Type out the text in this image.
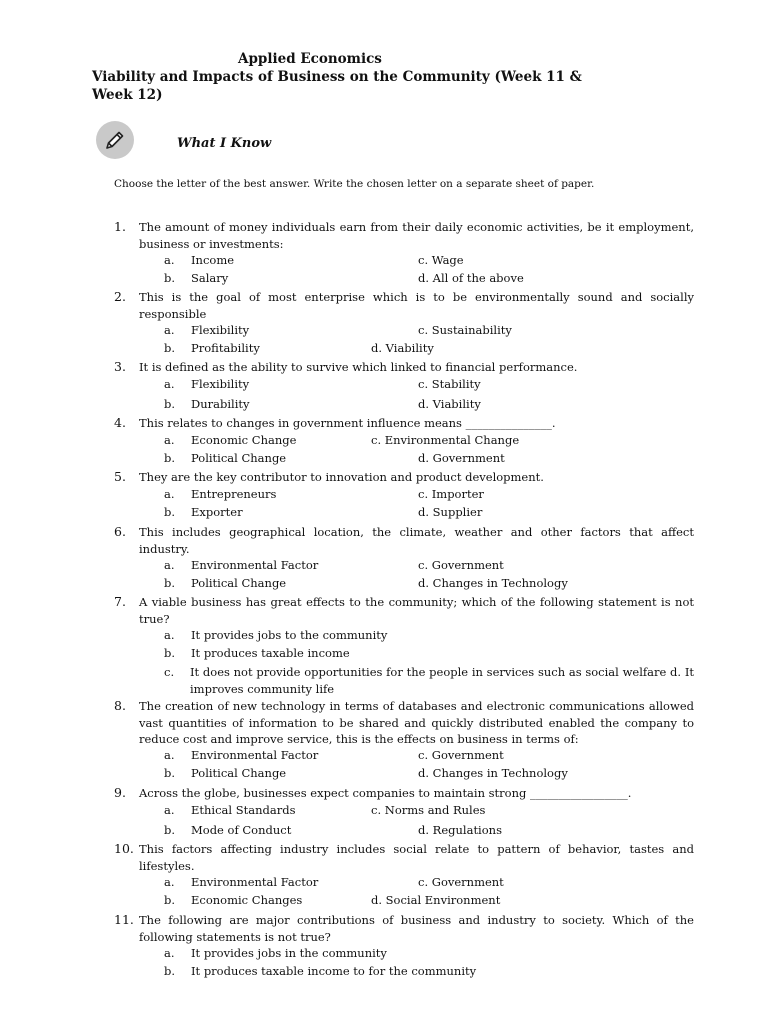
Applied Economics
Viability and Impacts of Business on the Community (Week 11 & Week 12)
What I Know
Choose the letter of the best answer. Write the chosen letter on a separate sheet of paper.
1.	The amount of money individuals earn from their daily economic activities, be it employment, business or investments:
a. Income	c. Wage
b. Salary	d. All of the above
2.	This is the goal of most enterprise which is to be environmentally sound and socially responsible
a. Flexibility	c. Sustainability
b. Profitability	d. Viability
3.	It is defined as the ability to survive which linked to financial performance.
a. Flexibility	c. Stability
b. Durability	d. Viability
4.	This relates to changes in government influence means _______________.
a. Economic Change	c. Environmental Change
b. Political Change	d. Government
5.	They are the key contributor to innovation and product development.
a. Entrepreneurs	c. Importer
b. Exporter	d. Supplier
6.	This includes geographical location, the climate, weather and other factors that affect industry.
a. Environmental Factor	c. Government
b. Political Change	d. Changes in Technology
7.	A viable business has great effects to the community; which of the following statement is not true?
a. It provides jobs to the community
b. It produces taxable income
c. It does not provide opportunities for the people in services such as social welfare d. It improves community life
8.	The creation of new technology in terms of databases and electronic communications allowed vast quantities of information to be shared and quickly distributed enabled the company to reduce cost and improve service, this is the effects on business in terms of:
a. Environmental Factor	c. Government
b. Political Change	d. Changes in Technology
9.	Across the globe, businesses expect companies to maintain strong _________________.
a. Ethical Standards	c. Norms and Rules
b. Mode of Conduct	d. Regulations
10. This factors affecting industry includes social relate to pattern of behavior, tastes and lifestyles.
a. Environmental Factor	c. Government
b. Economic Changes	d. Social Environment
11. The following are major contributions of business and industry to society. Which of the following statements is not true?
a. It provides jobs in the community
b. It produces taxable income to for the community
